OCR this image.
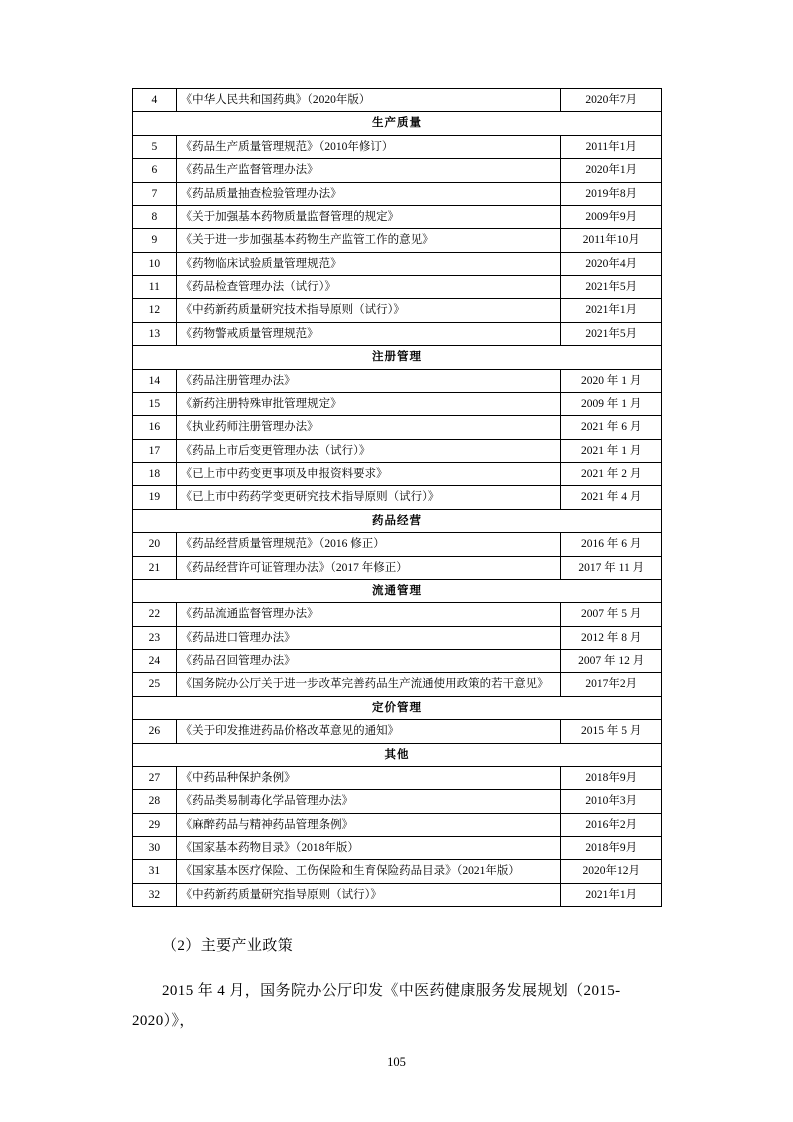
4	《中华人民共和国药典》（2020年版）	2020年7月
生产质量		
5	《药品生产质量管理规范》（2010年修订）	2011年1月
6	《药品生产监督管理办法》	2020年1月
7	《药品质量抽查检验管理办法》	2019年8月
8	《关于加强基本药物质量监督管理的规定》	2009年9月
9	《关于进一步加强基本药物生产监管工作的意见》	2011年10月
10	《药物临床试验质量管理规范》	2020年4月
11	《药品检查管理办法（试行）》	2021年5月
12	《中药新药质量研究技术指导原则（试行）》	2021年1月
13	《药物警戒质量管理规范》	2021年5月
注册管理		
14	《药品注册管理办法》	2020 年 1 月
15	《新药注册特殊审批管理规定》	2009 年 1 月
16	《执业药师注册管理办法》	2021 年 6 月
17	《药品上市后变更管理办法（试行）》	2021 年 1 月
18	《已上市中药变更事项及申报资料要求》	2021 年 2 月
19	《已上市中药药学变更研究技术指导原则（试行）》	2021 年 4 月
药品经营		
20	《药品经营质量管理规范》（2016 修正）	2016 年 6 月
21	《药品经营许可证管理办法》（2017 年修正）	2017 年 11 月
流通管理		
22	《药品流通监督管理办法》	2007 年 5 月
23	《药品进口管理办法》	2012 年 8 月
24	《药品召回管理办法》	2007 年 12 月
25	《国务院办公厅关于进一步改革完善药品生产流通使用政策的若干意见》	2017年2月
定价管理		
26	《关于印发推进药品价格改革意见的通知》	2015 年 5 月
其他		
27	《中药品种保护条例》	2018年9月
28	《药品类易制毒化学品管理办法》	2010年3月
29	《麻醉药品与精神药品管理条例》	2016年2月
30	《国家基本药物目录》（2018年版）	2018年9月
31	《国家基本医疗保险、工伤保险和生育保险药品目录》（2021年版）	2020年12月
32	《中药新药质量研究指导原则（试行）》	2021年1月

（2）主要产业政策

2015 年 4 月，国务院办公厅印发《中医药健康服务发展规划（2015-2020）》，

105
